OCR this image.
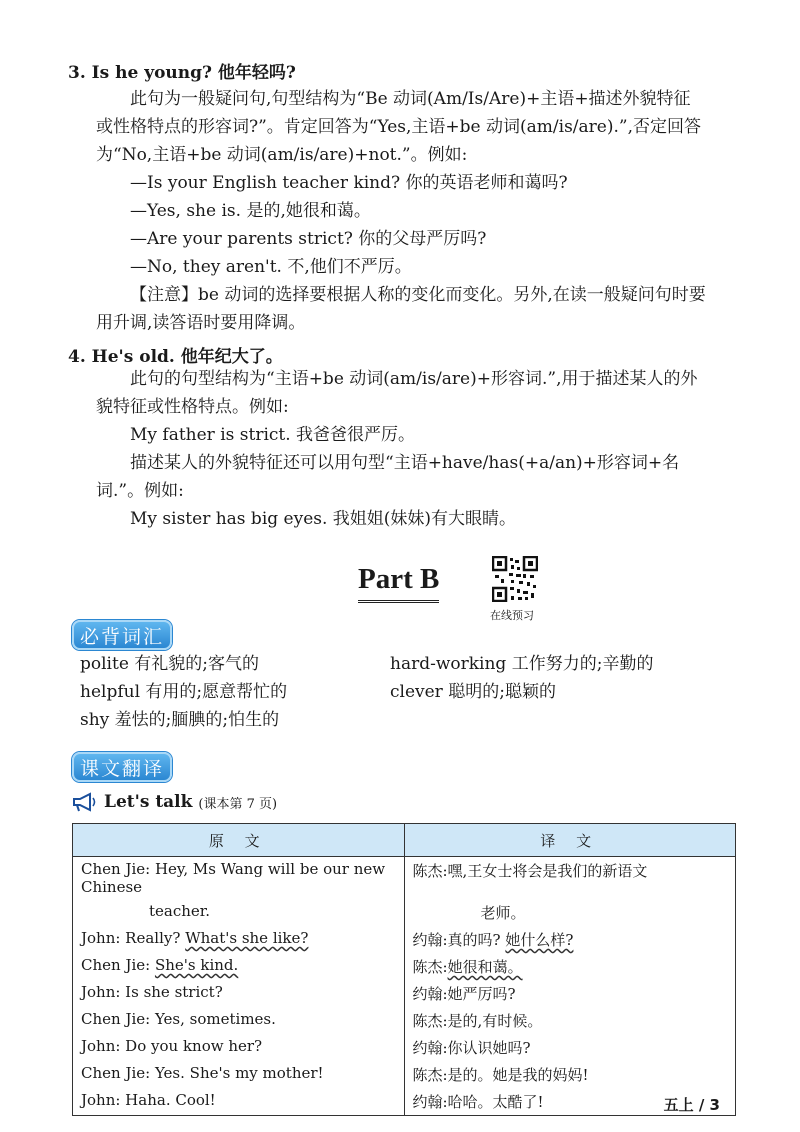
3. Is he young? 他年轻吗?
此句为一般疑问句,句型结构为“Be 动词(Am/Is/Are)+主语+描述外貌特征
或性格特点的形容词?”。肯定回答为“Yes,主语+be 动词(am/is/are).”,否定回答
为“No,主语+be 动词(am/is/are)+not.”。例如:
—Is your English teacher kind? 你的英语老师和蔼吗?
—Yes, she is. 是的,她很和蔼。
—Are your parents strict? 你的父母严厉吗?
—No, they aren't. 不,他们不严厉。
【注意】be 动词的选择要根据人称的变化而变化。另外,在读一般疑问句时要
用升调,读答语时要用降调。
4. He's old. 他年纪大了。
此句的句型结构为“主语+be 动词(am/is/are)+形容词.”,用于描述某人的外
貌特征或性格特点。例如:
My father is strict. 我爸爸很严厉。
描述某人的外貌特征还可以用句型“主语+have/has(+a/an)+形容词+名
词.”。例如:
My sister has big eyes. 我姐姐(妹妹)有大眼睛。
Part B
在线预习
必背词汇
polite 有礼貌的;客气的
helpful 有用的;愿意帮忙的
shy 羞怯的;腼腆的;怕生的
hard-working 工作努力的;辛勤的
clever 聪明的;聪颖的
课文翻译
Let's talk (课本第 7 页)
原 文	译 文
Chen Jie: Hey, Ms Wang will be our new Chinese	陈杰:嘿,王女士将会是我们的新语文

teacher.	老师。

John: Really? What's she like?	约翰:真的吗? 她什么样?
Chen Jie: She's kind.	陈杰:她很和蔼。
John: Is she strict?	约翰:她严厉吗?
Chen Jie: Yes, sometimes.	陈杰:是的,有时候。
John: Do you know her?	约翰:你认识她吗?
Chen Jie: Yes. She's my mother!	陈杰:是的。她是我的妈妈!
John: Haha. Cool!	约翰:哈哈。太酷了!	五上 / 3
